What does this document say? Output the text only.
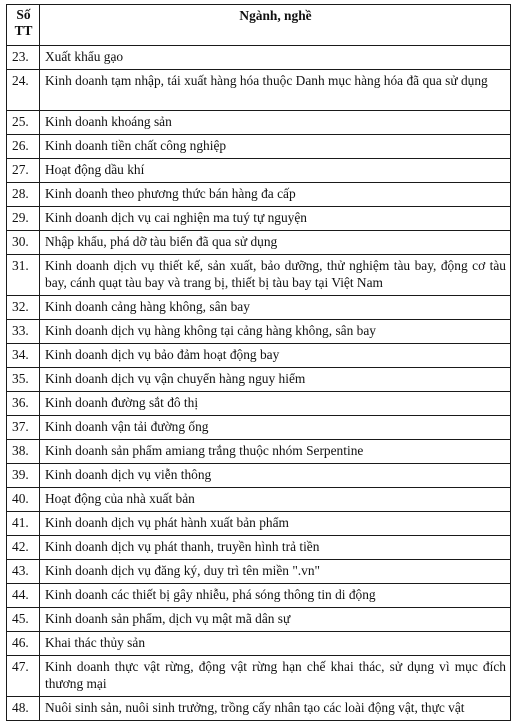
Số
TT	Ngành, nghề
23.	Xuất khẩu gạo
24.	Kinh doanh tạm nhập, tái xuất hàng hóa thuộc Danh mục hàng hóa đã qua sử dụng
25.	Kinh doanh khoáng sản
26.	Kinh doanh tiền chất công nghiệp
27.	Hoạt động dầu khí
28.	Kinh doanh theo phương thức bán hàng đa cấp
29.	Kinh doanh dịch vụ cai nghiện ma tuý tự nguyện
30.	Nhập khẩu, phá dỡ tàu biển đã qua sử dụng
31.	Kinh doanh dịch vụ thiết kế, sản xuất, bảo dưỡng, thử nghiệm tàu bay, động cơ tàu bay, cánh quạt tàu bay và trang bị, thiết bị tàu bay tại Việt Nam
32.	Kinh doanh cảng hàng không, sân bay
33.	Kinh doanh dịch vụ hàng không tại cảng hàng không, sân bay
34.	Kinh doanh dịch vụ bảo đảm hoạt động bay
35.	Kinh doanh dịch vụ vận chuyển hàng nguy hiểm
36.	Kinh doanh đường sắt đô thị
37.	Kinh doanh vận tải đường ống
38.	Kinh doanh sản phẩm amiang trắng thuộc nhóm Serpentine
39.	Kinh doanh dịch vụ viễn thông
40.	Hoạt động của nhà xuất bản
41.	Kinh doanh dịch vụ phát hành xuất bản phẩm
42.	Kinh doanh dịch vụ phát thanh, truyền hình trả tiền
43.	Kinh doanh dịch vụ đăng ký, duy trì tên miền ".vn"
44.	Kinh doanh các thiết bị gây nhiễu, phá sóng thông tin di động
45.	Kinh doanh sản phẩm, dịch vụ mật mã dân sự
46.	Khai thác thủy sản
47.	Kinh doanh thực vật rừng, động vật rừng hạn chế khai thác, sử dụng vì mục đích thương mại
48.	Nuôi sinh sản, nuôi sinh trưởng, trồng cấy nhân tạo các loài động vật, thực vật
